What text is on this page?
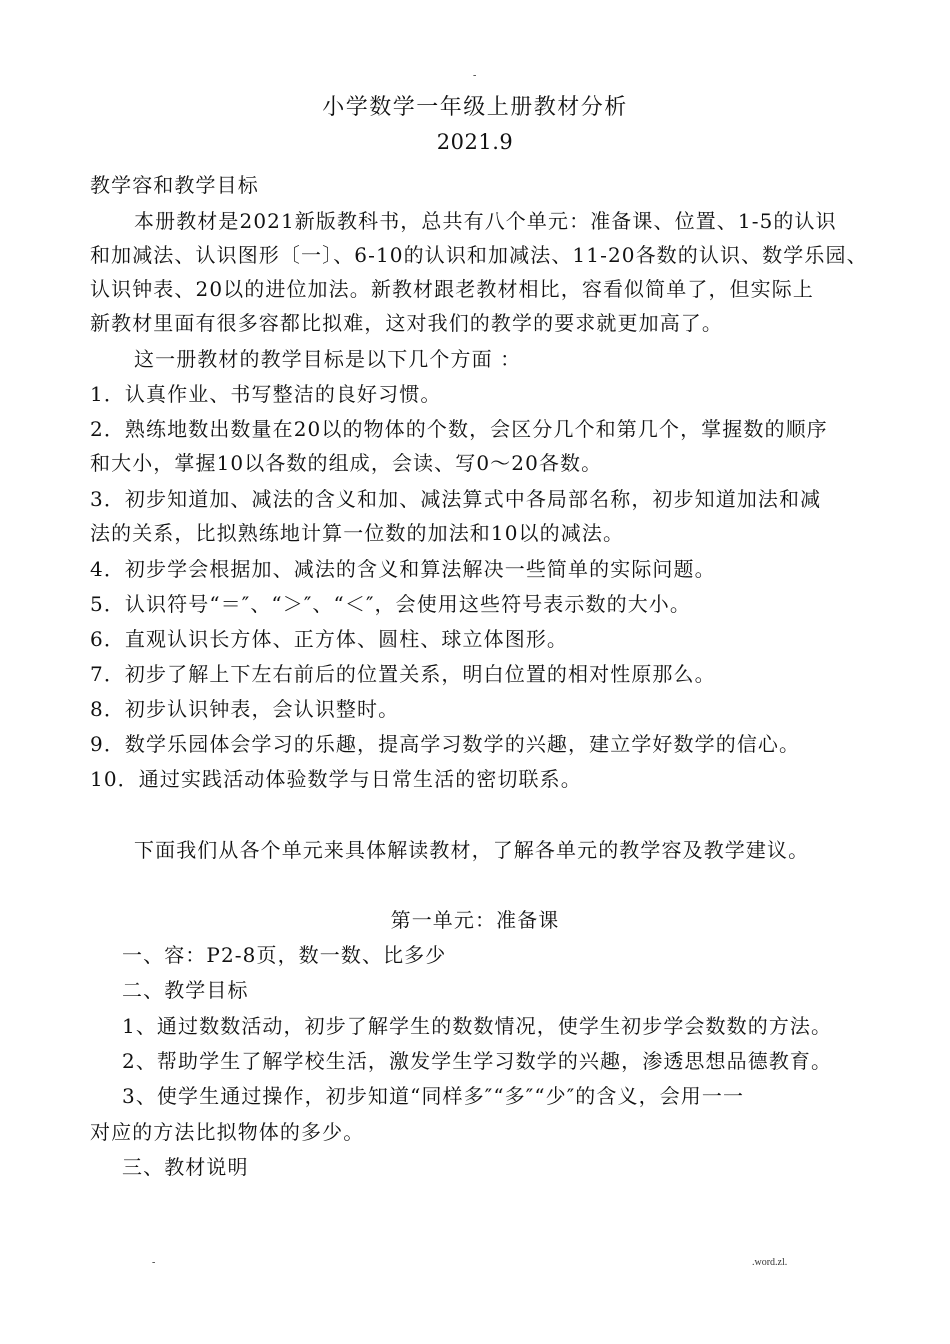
-
小学数学一年级上册教材分析
2021.9
教学容和教学目标
本册教材是2021新版教科书，总共有八个单元：准备课、位置、1-5的认识
和加减法、认识图形〔一〕、6-10的认识和加减法、11-20各数的认识、数学乐园、
认识钟表、20以的进位加法。新教材跟老教材相比，容看似简单了，但实际上
新教材里面有很多容都比拟难，这对我们的教学的要求就更加高了。
这一册教材的教学目标是以下几个方面 ：
1．认真作业、书写整洁的良好习惯。
2．熟练地数出数量在20以的物体的个数，会区分几个和第几个，掌握数的顺序
和大小，掌握10以各数的组成，会读、写0～20各数。
3．初步知道加、减法的含义和加、减法算式中各局部名称，初步知道加法和减
法的关系，比拟熟练地计算一位数的加法和10以的减法。
4．初步学会根据加、减法的含义和算法解决一些简单的实际问题。
5．认识符号“＝″、“＞″、“＜″，会使用这些符号表示数的大小。
6．直观认识长方体、正方体、圆柱、球立体图形。
7．初步了解上下左右前后的位置关系，明白位置的相对性原那么。
8．初步认识钟表，会认识整时。
9．数学乐园体会学习的乐趣，提高学习数学的兴趣，建立学好数学的信心。
10．通过实践活动体验数学与日常生活的密切联系。
下面我们从各个单元来具体解读教材，了解各单元的教学容及教学建议。
第一单元：准备课
一、容：P2-8页，数一数、比多少
二、教学目标
1、通过数数活动，初步了解学生的数数情况，使学生初步学会数数的方法。
2、帮助学生了解学校生活，激发学生学习数学的兴趣，渗透思想品德教育。
3、使学生通过操作，初步知道“同样多″“多″“少″的含义，会用一一
对应的方法比拟物体的多少。
三、教材说明
-	.word.zl.
